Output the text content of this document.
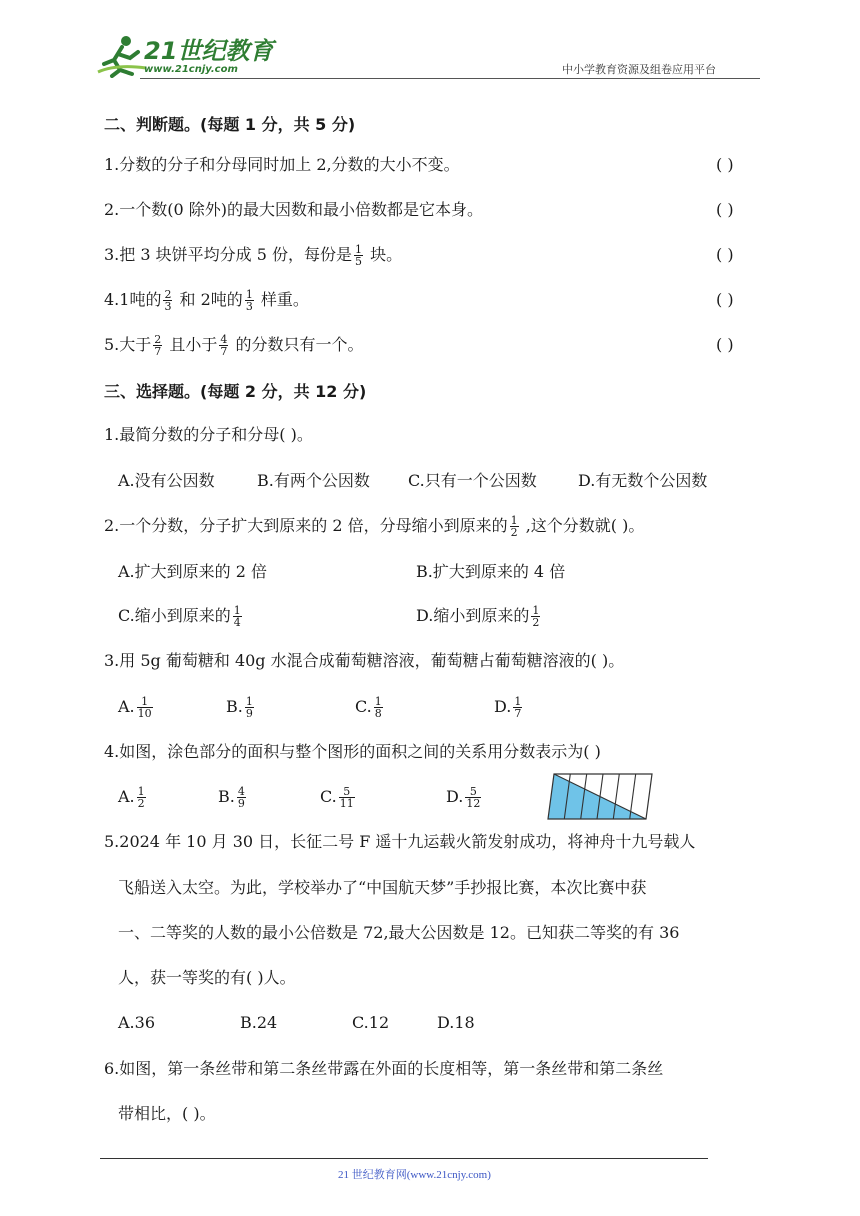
21世纪教育
www.21cnjy.com	中小学教育资源及组卷应用平台
二、判断题。(每题 1 分，共 5 分)
1.分数的分子和分母同时加上 2,分数的大小不变。	( )
2.一个数(0 除外)的最大因数和最小倍数都是它本身。	( )
3.把 3 块饼平均分成 5 份，每份是 $\frac{1}{5}$ 块。	( )
4.1吨的 $\frac{2}{3}$ 和 2吨的 $\frac{1}{3}$ 样重。	( )
5.大于 $\frac{2}{7}$ 且小于 $\frac{4}{7}$ 的分数只有一个。	( )
三、选择题。(每题 2 分，共 12 分)
1.最简分数的分子和分母( )。
A.没有公因数	B.有两个公因数 C.只有一个公因数	D.有无数个公因数
2.一个分数，分子扩大到原来的 2 倍，分母缩小到原来的 $\frac{1}{2}$ ,这个分数就( )。
A.扩大到原来的 2 倍	B.扩大到原来的 4 倍
C.缩小到原来的 $\frac{1}{4}$	D.缩小到原来的 $\frac{1}{2}$
3.用 5g 葡萄糖和 40g 水混合成葡萄糖溶液，葡萄糖占葡萄糖溶液的( )。
A. $\frac{1}{10}$	B. $\frac{1}{9}$	C. $\frac{1}{8}$	D. $\frac{1}{7}$
4.如图，涂色部分的面积与整个图形的面积之间的关系用分数表示为( )
A. $\frac{1}{2}$	B. $\frac{4}{9}$	C. $\frac{5}{11}$	D. $\frac{5}{12}$
5.2024 年 10 月 30 日，长征二号 F 遥十九运载火箭发射成功，将神舟十九号载人
飞船送入太空。为此，学校举办了“中国航天梦”手抄报比赛，本次比赛中获
一、二等奖的人数的最小公倍数是 72,最大公因数是 12。已知获二等奖的有 36
人，获一等奖的有( )人。
A.36	B.24	C.12	D.18
6.如图，第一条丝带和第二条丝带露在外面的长度相等，第一条丝带和第二条丝
带相比，( )。
21 世纪教育网(www.21cnjy.com)
